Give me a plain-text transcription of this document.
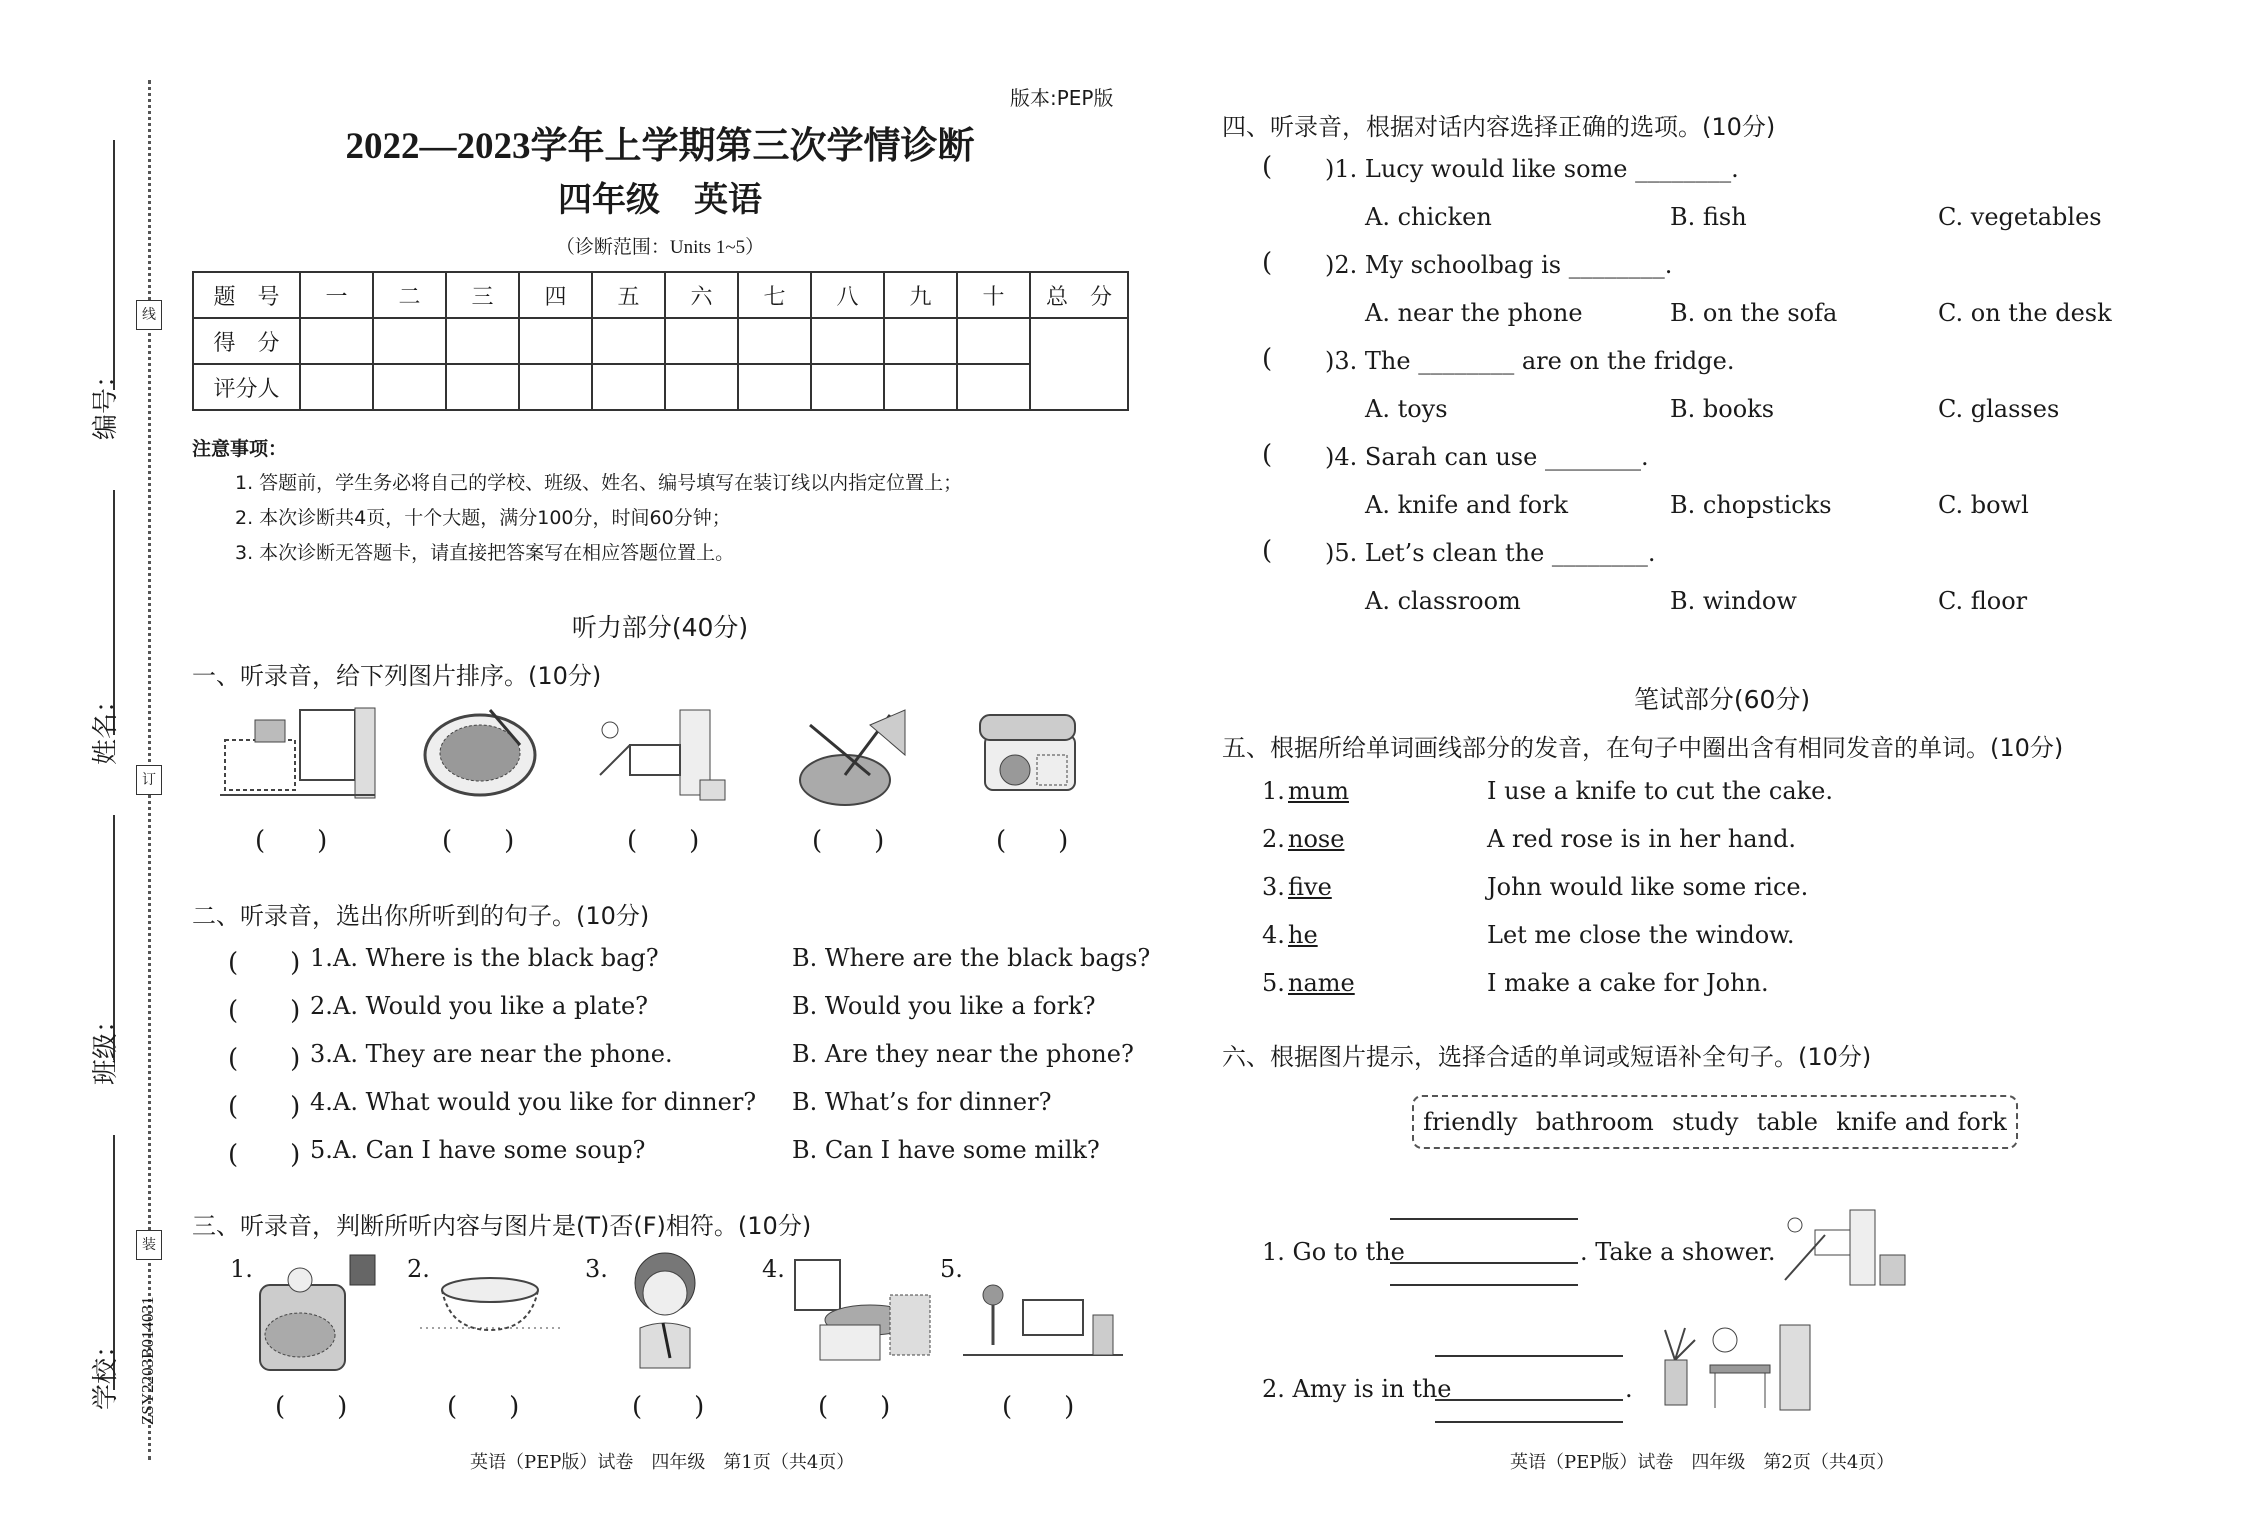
线
订
装
编号：
姓名：
班级：
学校： ZSY2203B014031
版本:PEP版
2022—2023学年上学期第三次学情诊断
四年级　英语
（诊断范围：Units 1~5）
题　号	一	二	三	四	五	六	七	八	九	十	总　分
得　分											
评分人											
注意事项：
1. 答题前，学生务必将自己的学校、班级、姓名、编号填写在装订线以内指定位置上；
2. 本次诊断共4页，十个大题，满分100分，时间60分钟；
3. 本次诊断无答题卡，请直接把答案写在相应答题位置上。
听力部分(40分)
一、听录音，给下列图片排序。(10分)
(　　)	(　　)	(　　)	(　　)	(　　)
二、听录音，选出你所听到的句子。(10分)
(　　) 1. A. Where is the black bag?	B. Where are the black bags?
(　　) 2. A. Would you like a plate?	B. Would you like a fork?
(　　) 3. A. They are near the phone.	B. Are they near the phone?
(　　) 4. A. What would you like for dinner? B. What’s for dinner?
(　　) 5. A. Can I have some soup?	B. Can I have some milk?
三、听录音，判断所听内容与图片是(T)否(F)相符。(10分)
1.	2.	3.	4.	5.
(　　)	(　　)	(　　)	(　　)	(　　)
英语（PEP版）试卷　四年级　第1页（共4页）
四、听录音，根据对话内容选择正确的选项。(10分)
( )1. Lucy would like some ________.
A. chicken	B. fish	C. vegetables
( )2. My schoolbag is ________.
A. near the phone	B. on the sofa	C. on the desk
( )3. The ________ are on the fridge.
A. toys	B. books	C. glasses
( )4. Sarah can use ________.
A. knife and fork	B. chopsticks	C. bowl
( )5. Let’s clean the ________.
A. classroom	B. window	C. floor
笔试部分(60分)
五、根据所给单词画线部分的发音，在句子中圈出含有相同发音的单词。(10分)
1. mum	I use a knife to cut the cake.
2. nose	A red rose is in her hand.
3. five	John would like some rice.
4. he	Let me close the window.
5. name	I make a cake for John.
六、根据图片提示，选择合适的单词或短语补全句子。(10分)
friendly bathroom study table knife and fork
1. Go to the	. Take a shower.
2. Amy is in the	.
英语（PEP版）试卷　四年级　第2页（共4页）
